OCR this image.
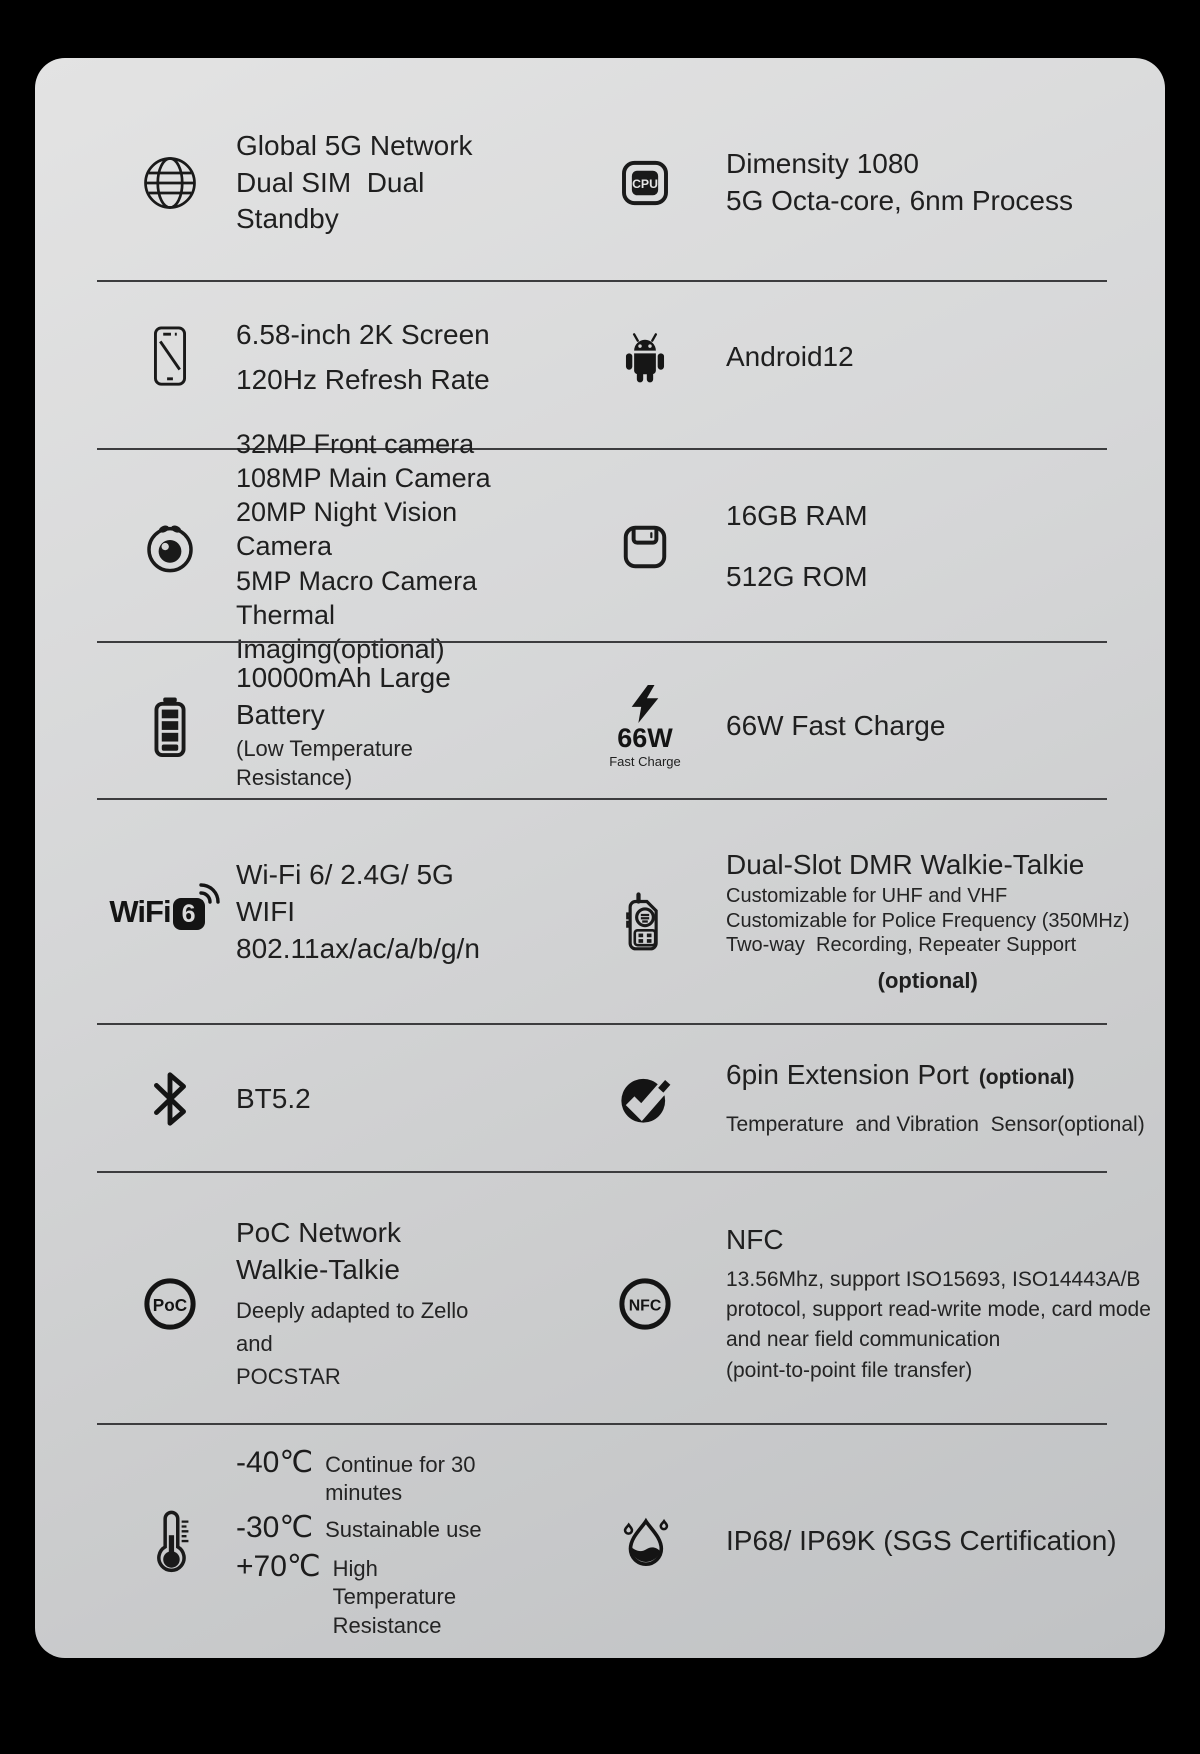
Global 5G Network
Dual SIM  Dual Standby
CPU
Dimensity 1080
5G Octa-core, 6nm Process
6.58-inch 2K Screen
120Hz Refresh Rate
Android12
32MP Front camera
108MP Main Camera
20MP Night Vision Camera
5MP Macro Camera
Thermal Imaging(optional)
16GB RAM
512G ROM
10000mAh Large Battery
(Low Temperature Resistance)
66W
Fast Charge
66W Fast Charge
WiFi 6
Wi-Fi 6/ 2.4G/ 5G WIFI
802.11ax/ac/a/b/g/n
Dual-Slot DMR Walkie-Talkie
Customizable for UHF and VHF
Customizable for Police Frequency (350MHz)
Two-way  Recording, Repeater Support
(optional)
BT5.2
6pin Extension Port (optional)
Temperature  and Vibration  Sensor(optional)
PoC
PoC Network Walkie-Talkie
Deeply adapted to Zello and
POCSTAR
NFC
NFC
13.56Mhz, support ISO15693, ISO14443A/B
protocol, support read-write mode, card mode
and near field communication
(point-to-point file transfer)
-40℃ Continue for 30 minutes
-30℃ Sustainable use
+70℃ High Temperature Resistance
IP68/ IP69K (SGS Certification)
